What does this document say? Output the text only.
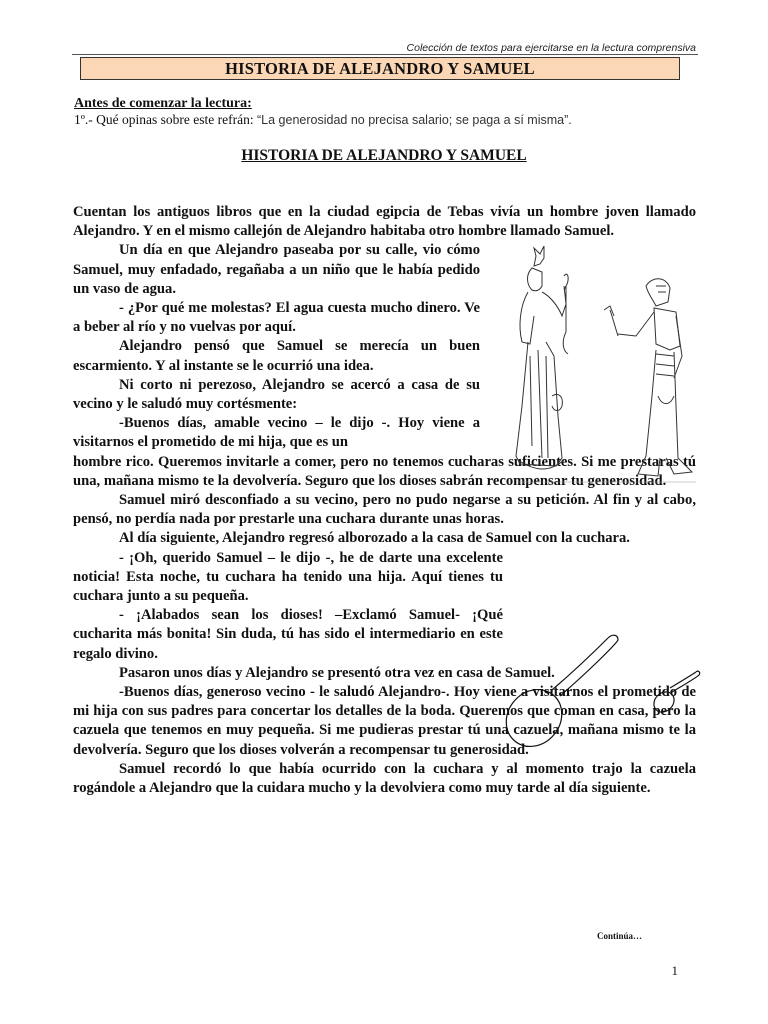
Colección de textos para ejercitarse en la lectura comprensiva
HISTORIA DE ALEJANDRO Y SAMUEL
Antes de comenzar la lectura:
1º.- Qué opinas sobre este refrán: “La generosidad no precisa salario; se paga a sí misma”.
HISTORIA DE ALEJANDRO Y SAMUEL

Cuentan los antiguos libros que en la ciudad egipcia de Tebas vivía un hombre joven llamado Alejandro. Y en el mismo callejón de Alejandro habitaba otro hombre llamado Samuel.

Un día en que Alejandro paseaba por su calle, vio cómo Samuel, muy enfadado, regañaba a un niño que le había pedido un vaso de agua.

- ¿Por qué me molestas? El agua cuesta mucho dinero. Ve a beber al río y no vuelvas por aquí.

Alejandro pensó que Samuel se merecía un buen escarmiento. Y al instante se le ocurrió una idea.

Ni corto ni perezoso, Alejandro se acercó a casa de su vecino y le saludó muy cortésmente:

-Buenos días, amable vecino – le dijo -. Hoy viene a visitarnos el prometido de mi hija, que es un

hombre rico. Queremos invitarle a comer, pero no tenemos cucharas suficientes. Si me prestaras tú una, mañana mismo te la devolvería. Seguro que los dioses sabrán recompensar tu generosidad.

Samuel miró desconfiado a su vecino, pero no pudo negarse a su petición. Al fin y al cabo, pensó, no perdía nada por prestarle una cuchara durante unas horas.

Al día siguiente, Alejandro regresó alborozado a la casa de Samuel con la cuchara.

- ¡Oh, querido Samuel – le dijo -, he de darte una excelente noticia! Esta noche, tu cuchara ha tenido una hija. Aquí tienes tu cuchara junto a su pequeña.

- ¡Alabados sean los dioses! –Exclamó Samuel- ¡Qué cucharita más bonita! Sin duda, tú has sido el intermediario en este regalo divino.

Pasaron unos días y Alejandro se presentó otra vez en casa de Samuel.

-Buenos días, generoso vecino - le saludó Alejandro-. Hoy viene a visitarnos el prometido de mi hija con sus padres para concertar los detalles de la boda. Queremos que coman en casa, pero la cazuela que tenemos en muy pequeña. Si me pudieras prestar tú una cazuela, mañana mismo te la devolvería. Seguro que los dioses volverán a recompensar tu generosidad.

Samuel recordó lo que había ocurrido con la cuchara y al momento trajo la cazuela rogándole a Alejandro que la cuidara mucho y la devolviera como muy tarde al día siguiente.

Continúa…
1
